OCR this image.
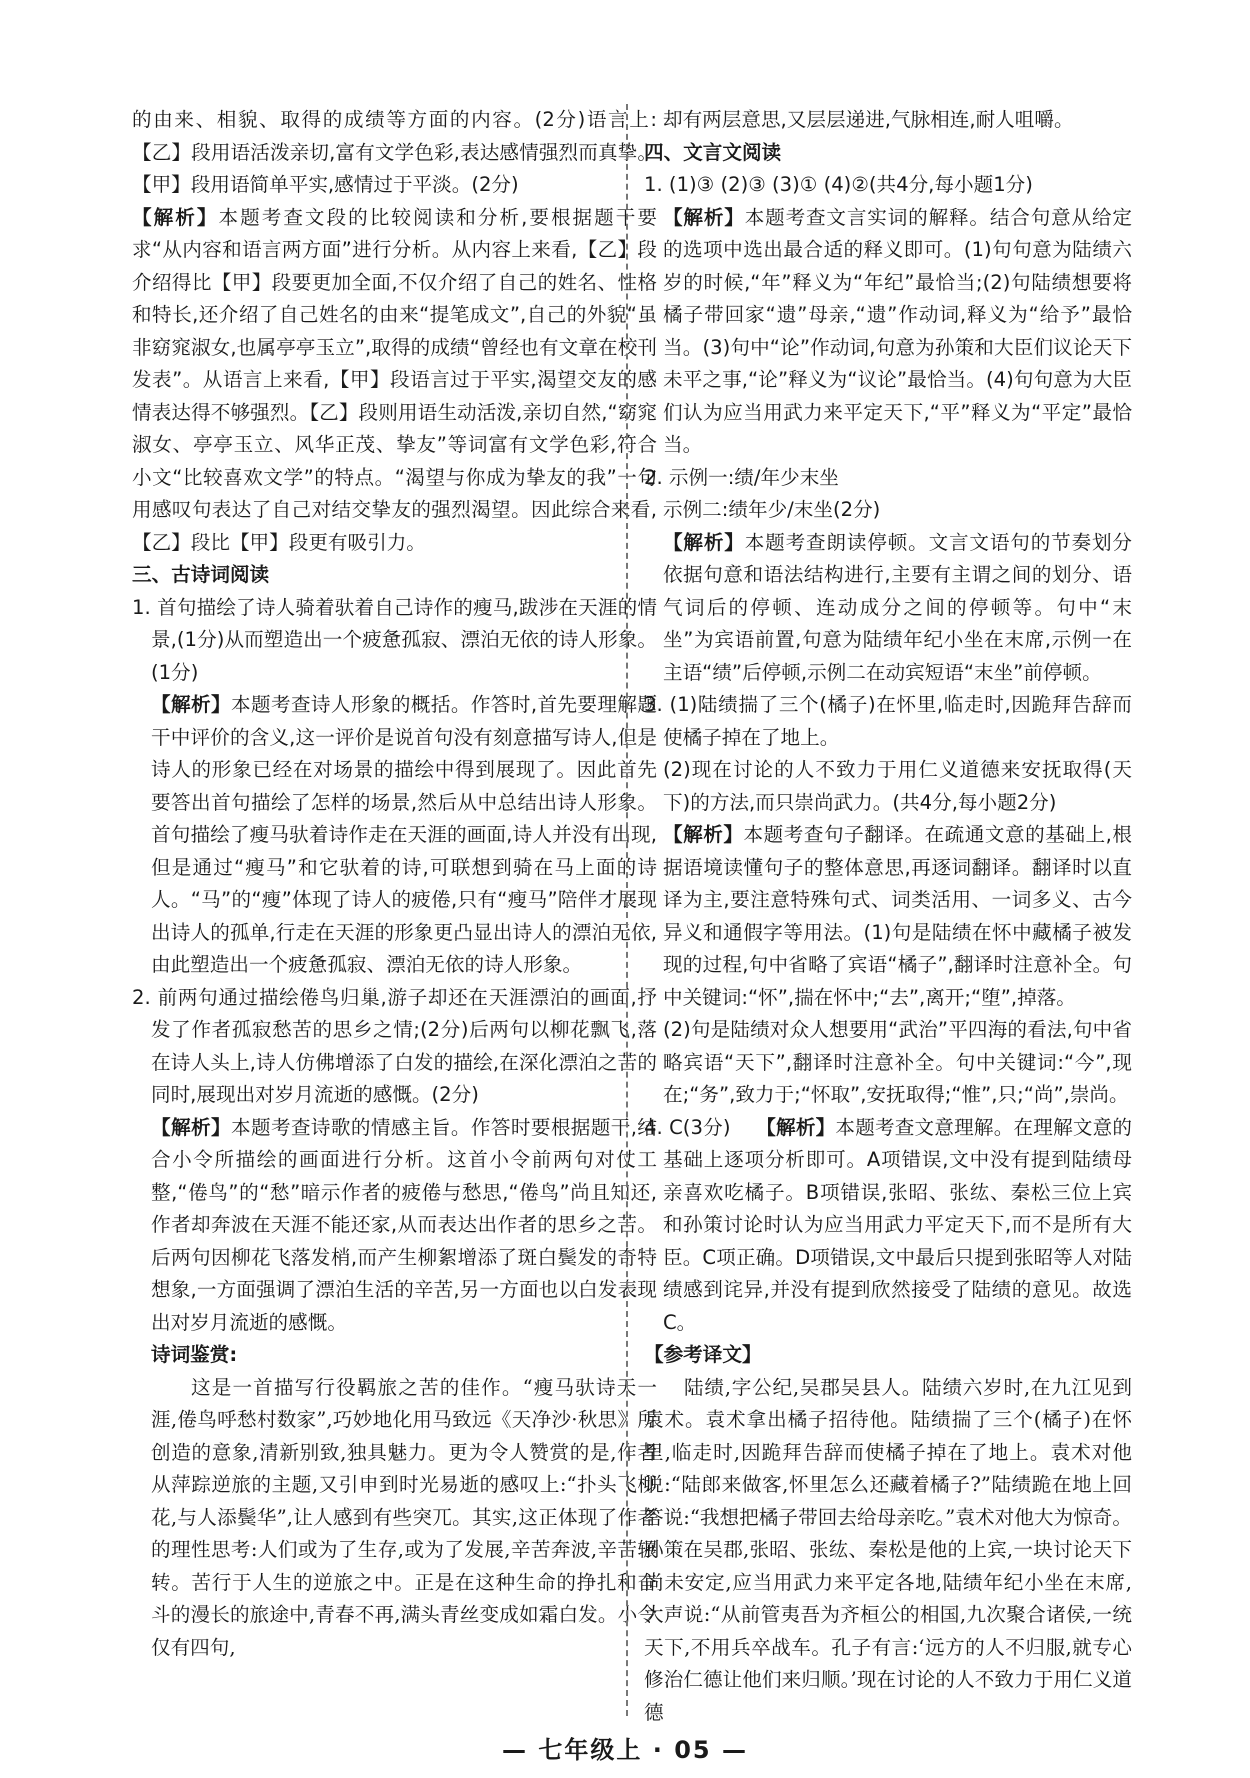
的由来、相貌、取得的成绩等方面的内容。(2分)语言上:【乙】段用语活泼亲切,富有文学色彩,表达感情强烈而真挚。【甲】段用语简单平实,感情过于平淡。(2分)

【解析】本题考查文段的比较阅读和分析,要根据题干要求“从内容和语言两方面”进行分析。从内容上来看,【乙】段介绍得比【甲】段要更加全面,不仅介绍了自己的姓名、性格和特长,还介绍了自己姓名的由来“提笔成文”,自己的外貌“虽非窈窕淑女,也属亭亭玉立”,取得的成绩“曾经也有文章在校刊发表”。从语言上来看,【甲】段语言过于平实,渴望交友的感情表达得不够强烈。【乙】段则用语生动活泼,亲切自然,“窈窕淑女、亭亭玉立、风华正茂、挚友”等词富有文学色彩,符合小文“比较喜欢文学”的特点。“渴望与你成为挚友的我”一句用感叹句表达了自己对结交挚友的强烈渴望。因此综合来看,【乙】段比【甲】段更有吸引力。

三、古诗词阅读

1. 首句描绘了诗人骑着驮着自己诗作的瘦马,跋涉在天涯的情景,(1分)从而塑造出一个疲惫孤寂、漂泊无依的诗人形象。(1分)

【解析】本题考查诗人形象的概括。作答时,首先要理解题干中评价的含义,这一评价是说首句没有刻意描写诗人,但是诗人的形象已经在对场景的描绘中得到展现了。因此首先要答出首句描绘了怎样的场景,然后从中总结出诗人形象。首句描绘了瘦马驮着诗作走在天涯的画面,诗人并没有出现,但是通过“瘦马”和它驮着的诗,可联想到骑在马上面的诗人。“马”的“瘦”体现了诗人的疲倦,只有“瘦马”陪伴才展现出诗人的孤单,行走在天涯的形象更凸显出诗人的漂泊无依,由此塑造出一个疲惫孤寂、漂泊无依的诗人形象。

2. 前两句通过描绘倦鸟归巢,游子却还在天涯漂泊的画面,抒发了作者孤寂愁苦的思乡之情;(2分)后两句以柳花飘飞,落在诗人头上,诗人仿佛增添了白发的描绘,在深化漂泊之苦的同时,展现出对岁月流逝的感慨。(2分)

【解析】本题考查诗歌的情感主旨。作答时要根据题干,结合小令所描绘的画面进行分析。这首小令前两句对仗工整,“倦鸟”的“愁”暗示作者的疲倦与愁思,“倦鸟”尚且知还,作者却奔波在天涯不能还家,从而表达出作者的思乡之苦。后两句因柳花飞落发梢,而产生柳絮增添了斑白鬓发的奇特想象,一方面强调了漂泊生活的辛苦,另一方面也以白发表现出对岁月流逝的感慨。

诗词鉴赏:

这是一首描写行役羁旅之苦的佳作。“瘦马驮诗天一涯,倦鸟呼愁村数家”,巧妙地化用马致远《天净沙·秋思》所创造的意象,清新别致,独具魅力。更为令人赞赏的是,作者从萍踪逆旅的主题,又引申到时光易逝的感叹上:“扑头飞柳花,与人添鬓华”,让人感到有些突兀。其实,这正体现了作者的理性思考:人们或为了生存,或为了发展,辛苦奔波,辛苦辗转。苦行于人生的逆旅之中。正是在这种生命的挣扎和奋斗的漫长的旅途中,青春不再,满头青丝变成如霜白发。小令仅有四句,

却有两层意思,又层层递进,气脉相连,耐人咀嚼。

四、文言文阅读

1. (1)③ (2)③ (3)① (4)②(共4分,每小题1分)

【解析】本题考查文言实词的解释。结合句意从给定的选项中选出最合适的释义即可。(1)句句意为陆绩六岁的时候,“年”释义为“年纪”最恰当;(2)句陆绩想要将橘子带回家“遗”母亲,“遗”作动词,释义为“给予”最恰当。(3)句中“论”作动词,句意为孙策和大臣们议论天下未平之事,“论”释义为“议论”最恰当。(4)句句意为大臣们认为应当用武力来平定天下,“平”释义为“平定”最恰当。

2. 示例一:绩/年少末坐

示例二:绩年少/末坐(2分)

【解析】本题考查朗读停顿。文言文语句的节奏划分依据句意和语法结构进行,主要有主谓之间的划分、语气词后的停顿、连动成分之间的停顿等。句中“末坐”为宾语前置,句意为陆绩年纪小坐在末席,示例一在主语“绩”后停顿,示例二在动宾短语“末坐”前停顿。

3. (1)陆绩揣了三个(橘子)在怀里,临走时,因跪拜告辞而使橘子掉在了地上。

(2)现在讨论的人不致力于用仁义道德来安抚取得(天下)的方法,而只崇尚武力。(共4分,每小题2分)

【解析】本题考查句子翻译。在疏通文意的基础上,根据语境读懂句子的整体意思,再逐词翻译。翻译时以直译为主,要注意特殊句式、词类活用、一词多义、古今异义和通假字等用法。(1)句是陆绩在怀中藏橘子被发现的过程,句中省略了宾语“橘子”,翻译时注意补全。句中关键词:“怀”,揣在怀中;“去”,离开;“堕”,掉落。

(2)句是陆绩对众人想要用“武治”平四海的看法,句中省略宾语“天下”,翻译时注意补全。句中关键词:“今”,现在;“务”,致力于;“怀取”,安抚取得;“惟”,只;“尚”,崇尚。

4. C(3分) 【解析】本题考查文意理解。在理解文意的基础上逐项分析即可。A项错误,文中没有提到陆绩母亲喜欢吃橘子。B项错误,张昭、张纮、秦松三位上宾和孙策讨论时认为应当用武力平定天下,而不是所有大臣。C项正确。D项错误,文中最后只提到张昭等人对陆绩感到诧异,并没有提到欣然接受了陆绩的意见。故选C。

【参考译文】

陆绩,字公纪,吴郡吴县人。陆绩六岁时,在九江见到袁术。袁术拿出橘子招待他。陆绩揣了三个(橘子)在怀里,临走时,因跪拜告辞而使橘子掉在了地上。袁术对他说:“陆郎来做客,怀里怎么还藏着橘子?”陆绩跪在地上回答说:“我想把橘子带回去给母亲吃。”袁术对他大为惊奇。孙策在吴郡,张昭、张纮、秦松是他的上宾,一块讨论天下尚未安定,应当用武力来平定各地,陆绩年纪小坐在末席,大声说:“从前管夷吾为齐桓公的相国,九次聚合诸侯,一统天下,不用兵卒战车。孔子有言:‘远方的人不归服,就专心修治仁德让他们来归顺。’现在讨论的人不致力于用仁义道德

— 七年级上 · 05 —
